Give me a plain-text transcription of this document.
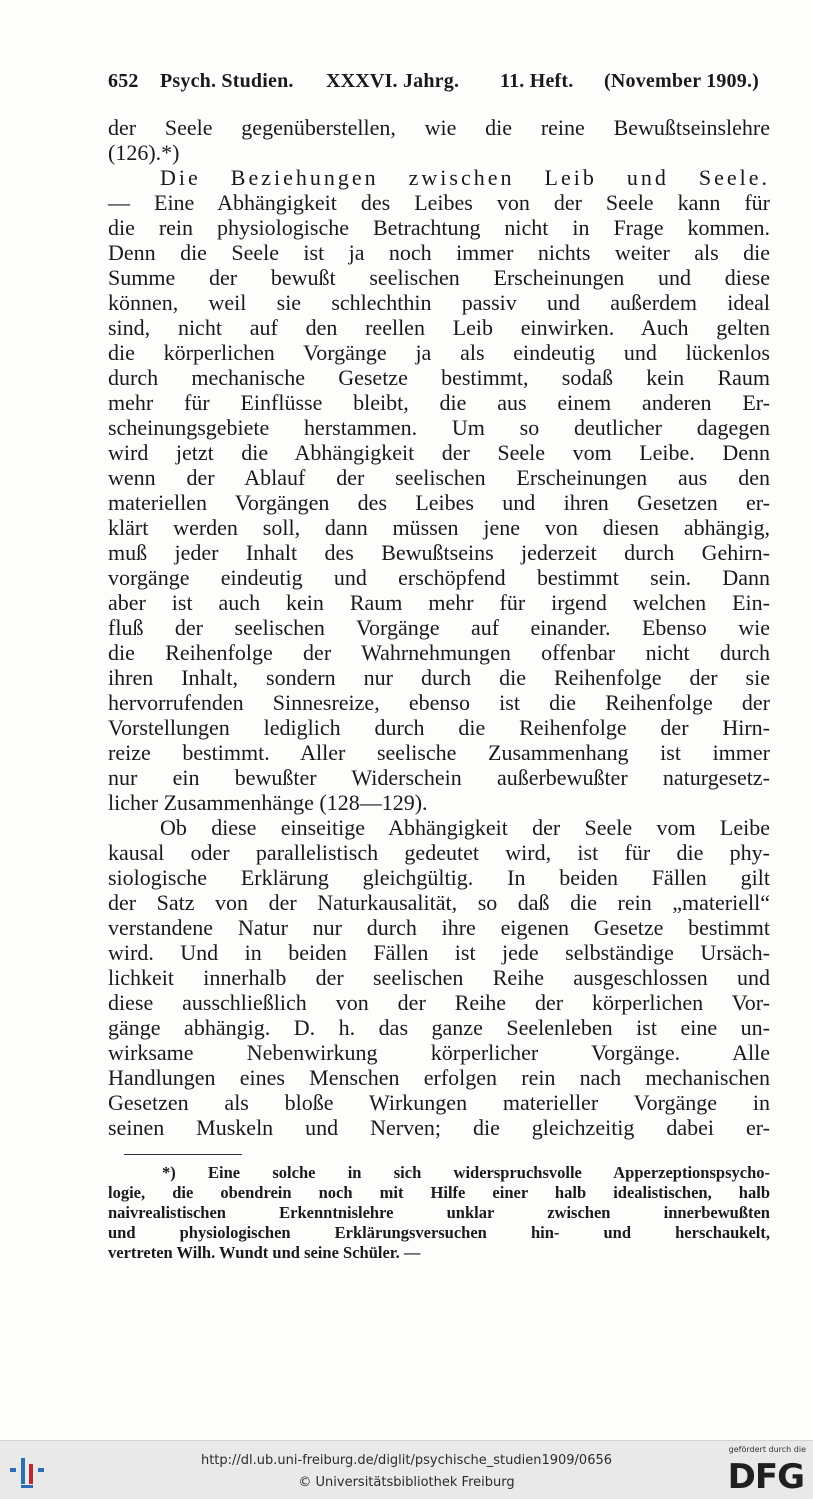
652 Psych. Studien. XXXVI. Jahrg. 11. Heft. (November 1909.)
der Seele gegenüberstellen, wie die reine Bewußtseinslehre
(126).*)
Die Beziehungen zwischen Leib und Seele.
— Eine Abhängigkeit des Leibes von der Seele kann für
die rein physiologische Betrachtung nicht in Frage kommen.
Denn die Seele ist ja noch immer nichts weiter als die
Summe der bewußt seelischen Erscheinungen und diese
können, weil sie schlechthin passiv und außerdem ideal
sind, nicht auf den reellen Leib einwirken. Auch gelten
die körperlichen Vorgänge ja als eindeutig und lückenlos
durch mechanische Gesetze bestimmt, sodaß kein Raum
mehr für Einflüsse bleibt, die aus einem anderen Er-
scheinungsgebiete herstammen. Um so deutlicher dagegen
wird jetzt die Abhängigkeit der Seele vom Leibe. Denn
wenn der Ablauf der seelischen Erscheinungen aus den
materiellen Vorgängen des Leibes und ihren Gesetzen er-
klärt werden soll, dann müssen jene von diesen abhängig,
muß jeder Inhalt des Bewußtseins jederzeit durch Gehirn-
vorgänge eindeutig und erschöpfend bestimmt sein. Dann
aber ist auch kein Raum mehr für irgend welchen Ein-
fluß der seelischen Vorgänge auf einander. Ebenso wie
die Reihenfolge der Wahrnehmungen offenbar nicht durch
ihren Inhalt, sondern nur durch die Reihenfolge der sie
hervorrufenden Sinnesreize, ebenso ist die Reihenfolge der
Vorstellungen lediglich durch die Reihenfolge der Hirn-
reize bestimmt. Aller seelische Zusammenhang ist immer
nur ein bewußter Widerschein außerbewußter naturgesetz-
licher Zusammenhänge (128—129).
Ob diese einseitige Abhängigkeit der Seele vom Leibe
kausal oder parallelistisch gedeutet wird, ist für die phy-
siologische Erklärung gleichgültig. In beiden Fällen gilt
der Satz von der Naturkausalität, so daß die rein „materiell“
verstandene Natur nur durch ihre eigenen Gesetze bestimmt
wird. Und in beiden Fällen ist jede selbständige Ursäch-
lichkeit innerhalb der seelischen Reihe ausgeschlossen und
diese ausschließlich von der Reihe der körperlichen Vor-
gänge abhängig. D. h. das ganze Seelenleben ist eine un-
wirksame Nebenwirkung körperlicher Vorgänge. Alle
Handlungen eines Menschen erfolgen rein nach mechanischen
Gesetzen als bloße Wirkungen materieller Vorgänge in
seinen Muskeln und Nerven; die gleichzeitig dabei er-
*) Eine solche in sich widerspruchsvolle Apperzeptionspsycho-
logie, die obendrein noch mit Hilfe einer halb idealistischen, halb
naivrealistischen Erkenntnislehre unklar zwischen innerbewußten
und physiologischen Erklärungsversuchen hin- und herschaukelt,
vertreten Wilh. Wundt und seine Schüler. —
http://dl.ub.uni-freiburg.de/diglit/psychische_studien1909/0656
© Universitätsbibliothek Freiburg
gefördert durch die
DFG
